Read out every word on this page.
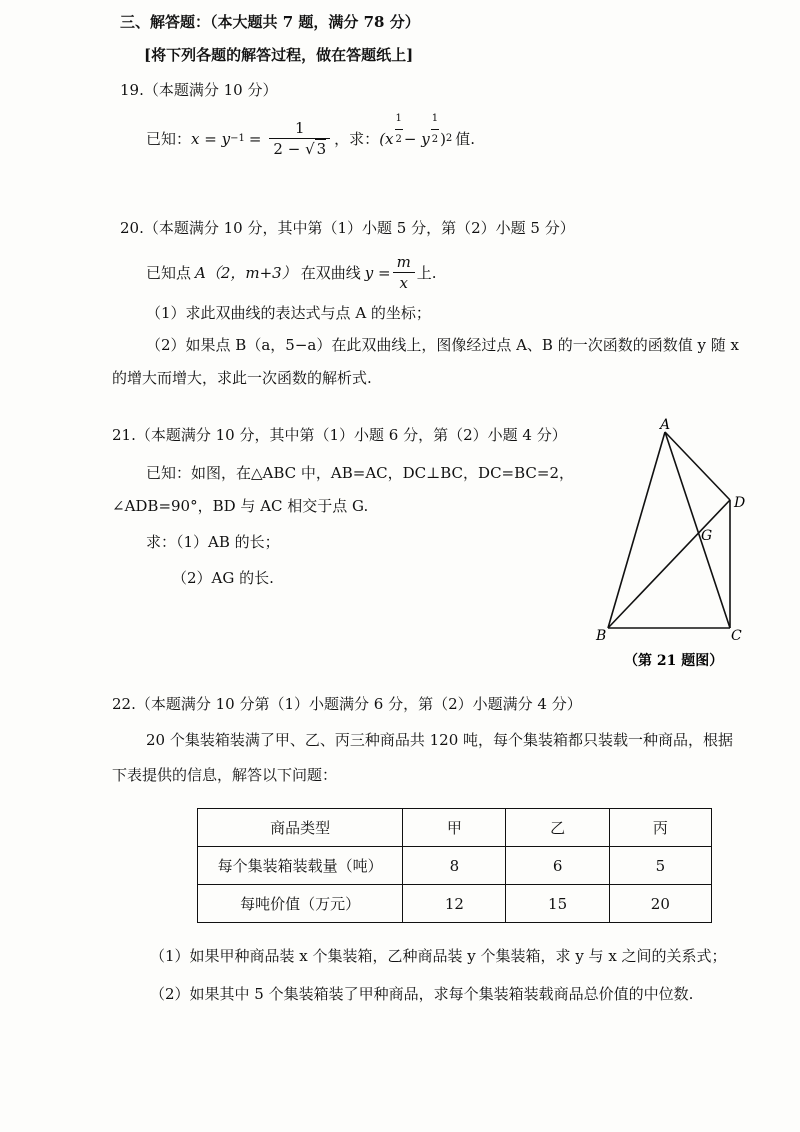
三、解答题：（本大题共 7 题，满分 78 分）
[将下列各题的解答过程，做在答题纸上]
19.（本题满分 10 分）
已知： $x = y -1 = \frac{1}{2 - √ 3}$ ，求： ($x \frac{1}{2} - y \frac{1}{2}$ ) 2 值.
20.（本题满分 10 分，其中第（1）小题 5 分，第（2）小题 5 分）
已知点 A（2，m+3） 在双曲线 $y = \frac{m}{x}$ 上.
（1）求此双曲线的表达式与点 A 的坐标；
（2）如果点 B（a，5−a）在此双曲线上，图像经过点 A、B 的一次函数的函数值 y 随 x
的增大而增大，求此一次函数的解析式.
21.（本题满分 10 分，其中第（1）小题 6 分，第（2）小题 4 分）
已知：如图，在△ABC 中，AB=AC，DC⊥BC，DC=BC=2，
∠ADB=90°，BD 与 AC 相交于点 G.
求：（1）AB 的长；
（2）AG 的长.
A
B	C
D
G
（第 21 题图）
22.（本题满分 10 分第（1）小题满分 6 分，第（2）小题满分 4 分）
20 个集装箱装满了甲、乙、丙三种商品共 120 吨，每个集装箱都只装载一种商品，根据
下表提供的信息，解答以下问题：
商品类型	甲	乙	丙
每个集装箱装载量（吨）	8	6	5
每吨价值（万元）	12	15	20
（1）如果甲种商品装 x 个集装箱，乙种商品装 y 个集装箱，求 y 与 x 之间的关系式；
（2）如果其中 5 个集装箱装了甲种商品，求每个集装箱装载商品总价值的中位数.
